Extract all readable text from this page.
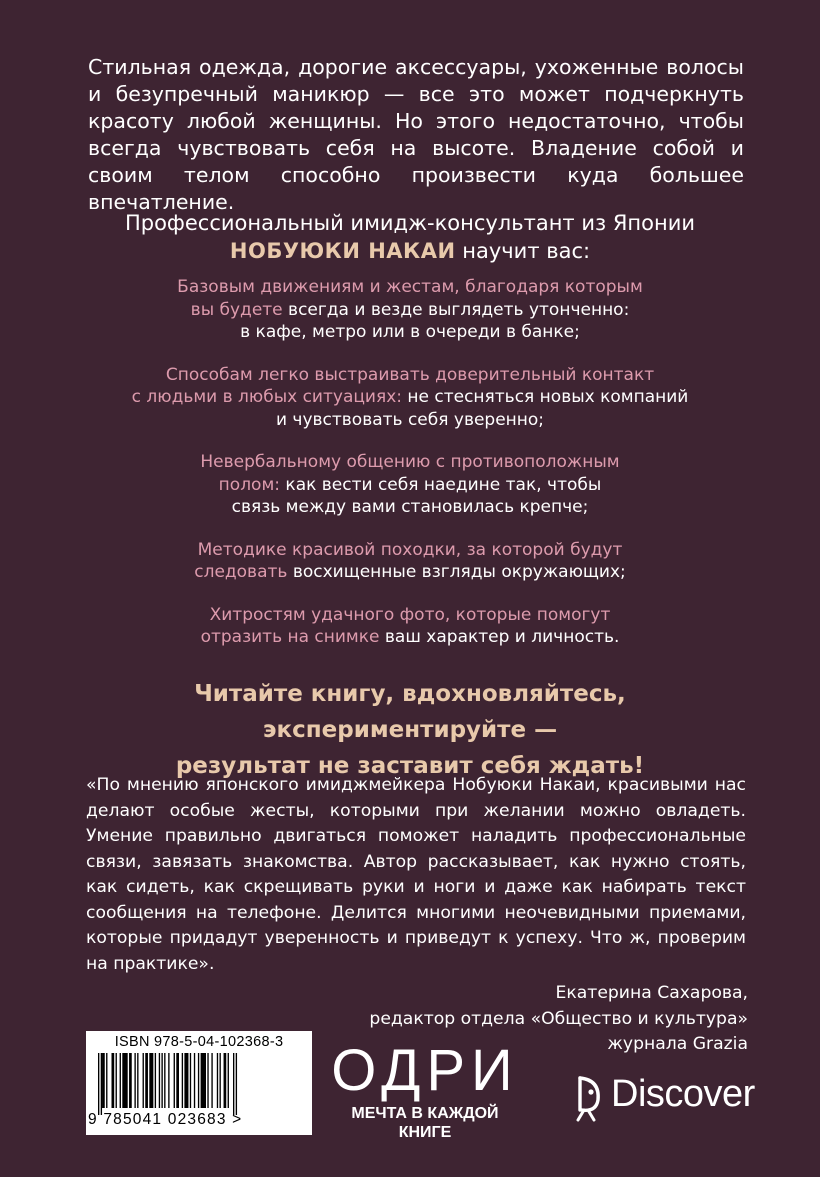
Стильная одежда, дорогие аксессуары, ухоженные волосы и безупречный маникюр — все это может подчеркнуть красоту любой женщины. Но этого недостаточно, чтобы всегда чувствовать себя на высоте. Владение собой и своим телом способно произвести куда большее впечатление.
Профессиональный имидж-консультант из Японии
НОБУЮКИ НАКАИ научит вас:
Базовым движениям и жестам, благодаря которым
вы будете всегда и везде выглядеть утонченно:
в кафе, метро или в очереди в банке;
Способам легко выстраивать доверительный контакт
с людьми в любых ситуациях: не стесняться новых компаний
и чувствовать себя уверенно;
Невербальному общению с противоположным
полом: как вести себя наедине так, чтобы
связь между вами становилась крепче;
Методике красивой походки, за которой будут
следовать восхищенные взгляды окружающих;
Хитростям удачного фото, которые помогут
отразить на снимке ваш характер и личность.
Читайте книгу, вдохновляйтесь, экспериментируйте —
результат не заставит себя ждать!
«По мнению японского имиджмейкера Нобуюки Накаи, красивыми нас делают особые жесты, которыми при желании можно овладеть. Умение правильно двигаться поможет наладить профессиональные связи, завязать знакомства. Автор рассказывает, как нужно стоять, как сидеть, как скрещивать руки и ноги и даже как набирать текст сообщения на телефоне. Делится многими неочевидными приемами, которые придадут уверенность и приведут к успеху. Что ж, проверим на практике».
Екатерина Сахарова,
редактор отдела «Общество и культура»
журнала Grazia
ISBN 978-5-04-102368-3
9 785041 023683 >
ОДРИ
МЕЧТА В КАЖДОЙ
КНИГЕ
Discover
